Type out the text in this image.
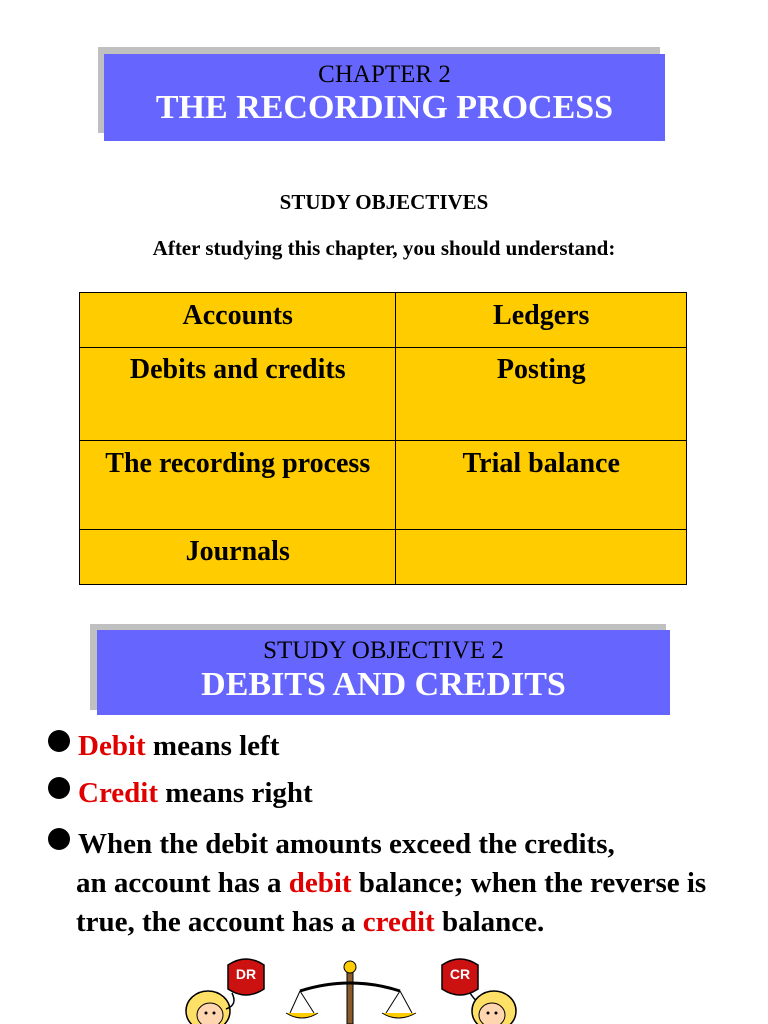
CHAPTER 2
THE RECORDING PROCESS
STUDY OBJECTIVES
After studying this chapter, you should understand:
Accounts	Ledgers
Debits and credits	Posting
The recording process	Trial balance
Journals	
STUDY OBJECTIVE 2
DEBITS AND CREDITS
Debit means left
Credit means right
When the debit amounts exceed the credits,
an account has a debit balance; when the reverse is true, the account has a credit balance.
DR	CR
